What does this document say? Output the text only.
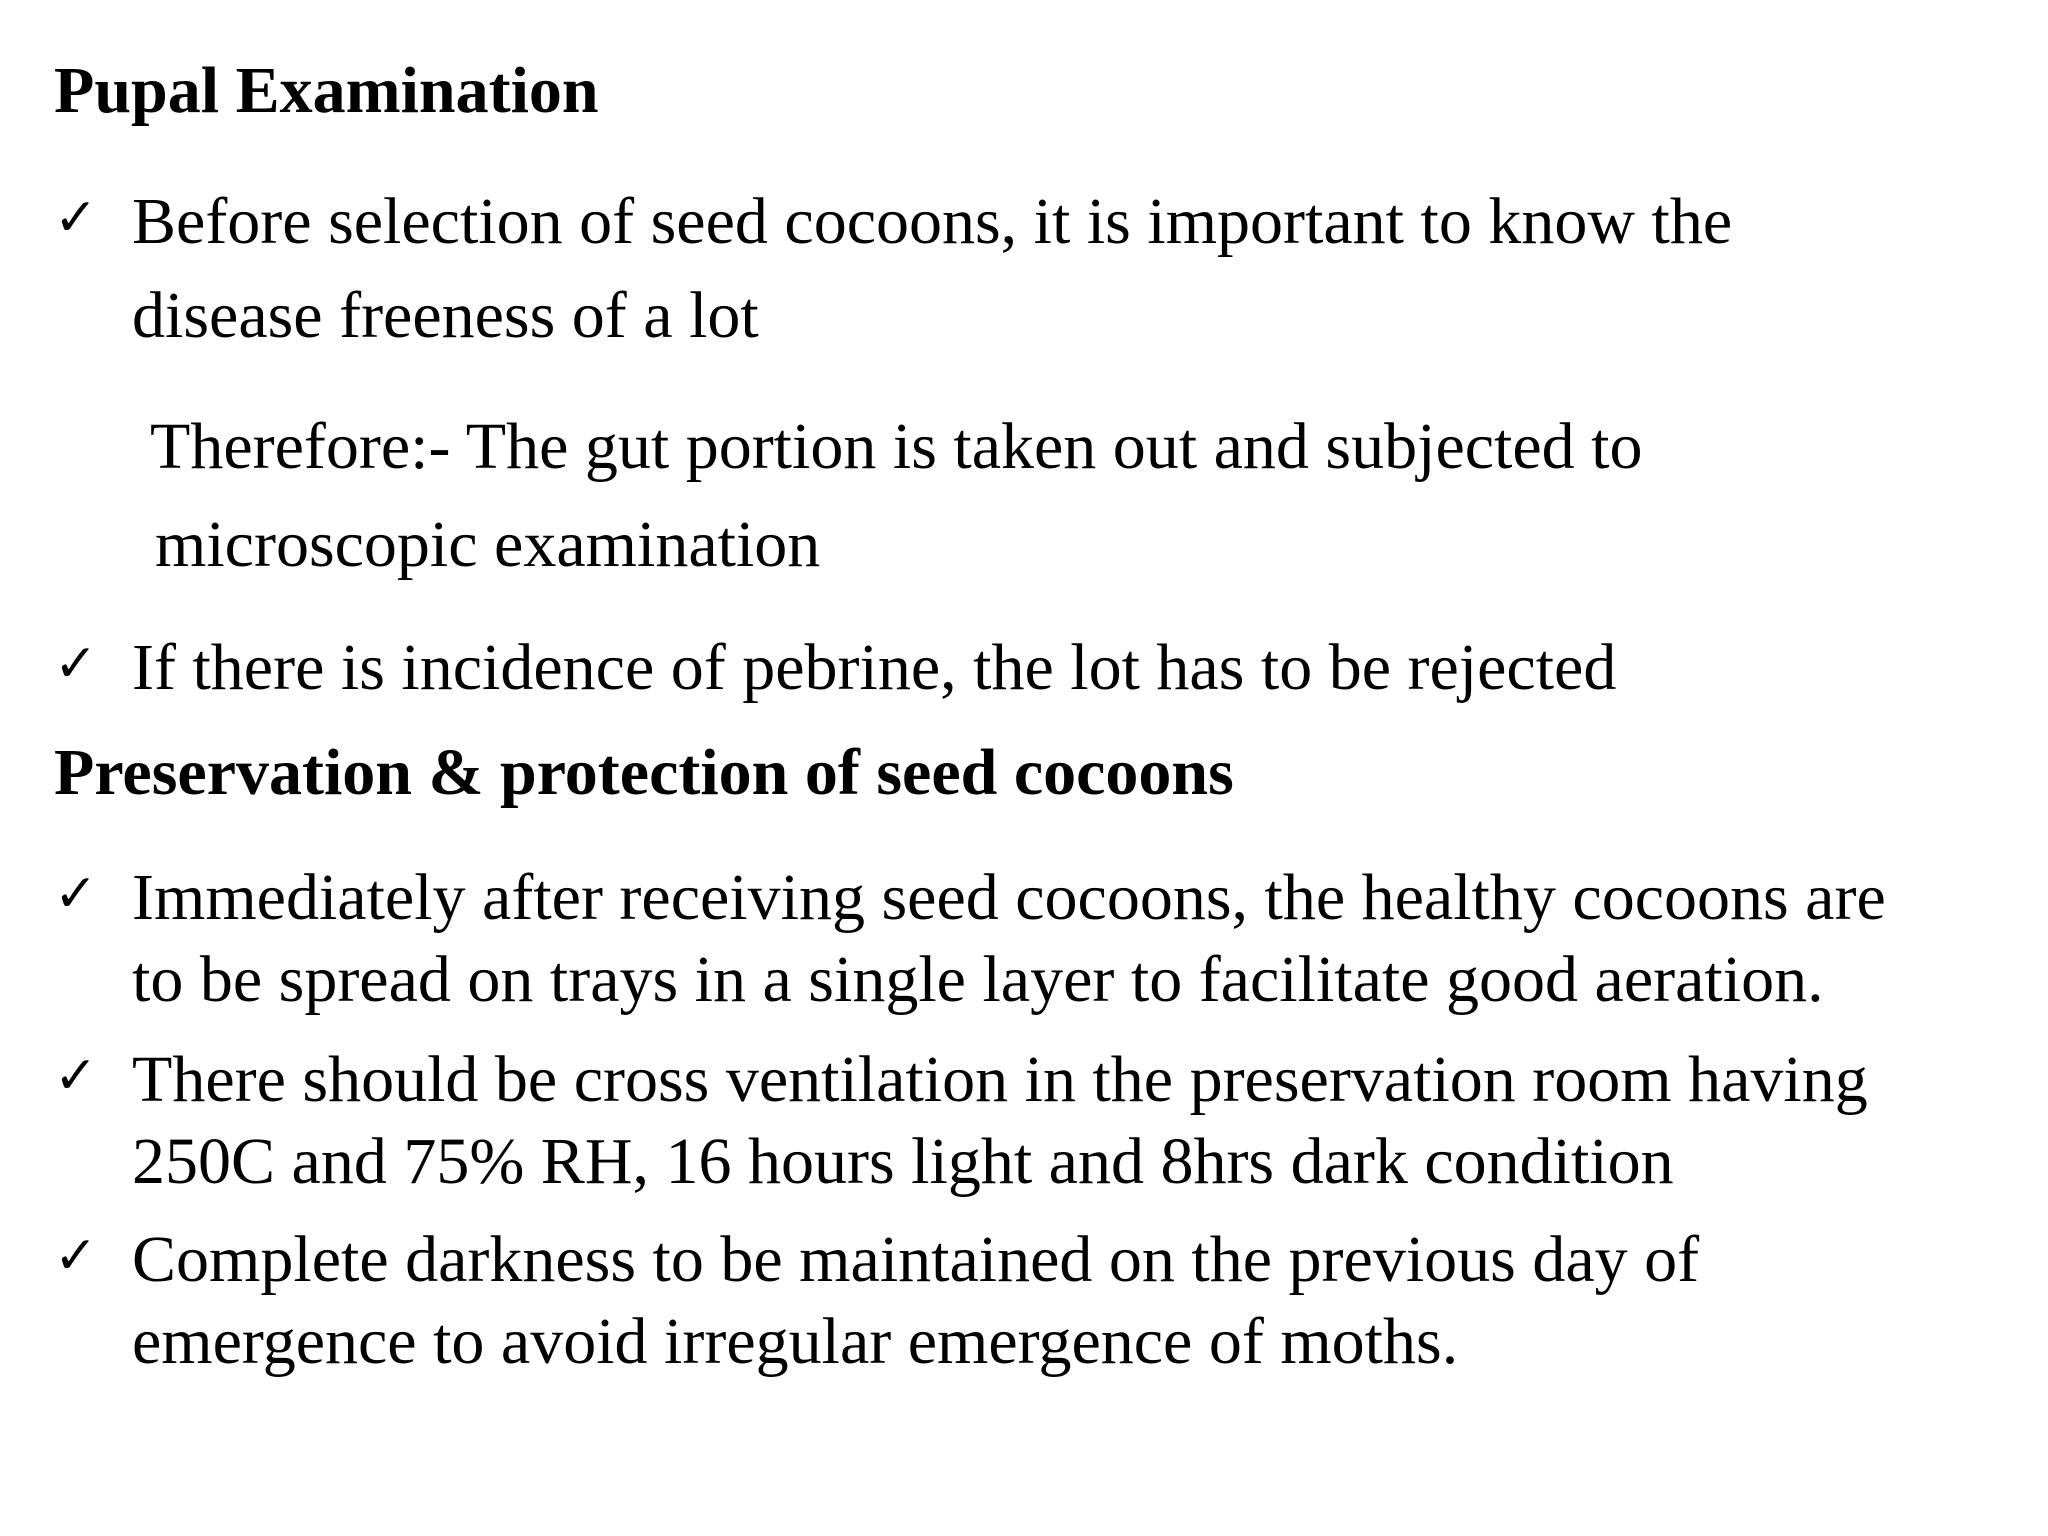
Pupal Examination
✓ Before selection of seed cocoons, it is important to know the
disease freeness of a lot
Therefore:- The gut portion is taken out and subjected to
microscopic examination
✓ If there is incidence of pebrine, the lot has to be rejected
Preservation & protection of seed cocoons
✓ Immediately after receiving seed cocoons, the healthy cocoons are
to be spread on trays in a single layer to facilitate good aeration.
✓ There should be cross ventilation in the preservation room having
250C and 75% RH, 16 hours light and 8hrs dark condition
✓ Complete darkness to be maintained on the previous day of
emergence to avoid irregular emergence of moths.
